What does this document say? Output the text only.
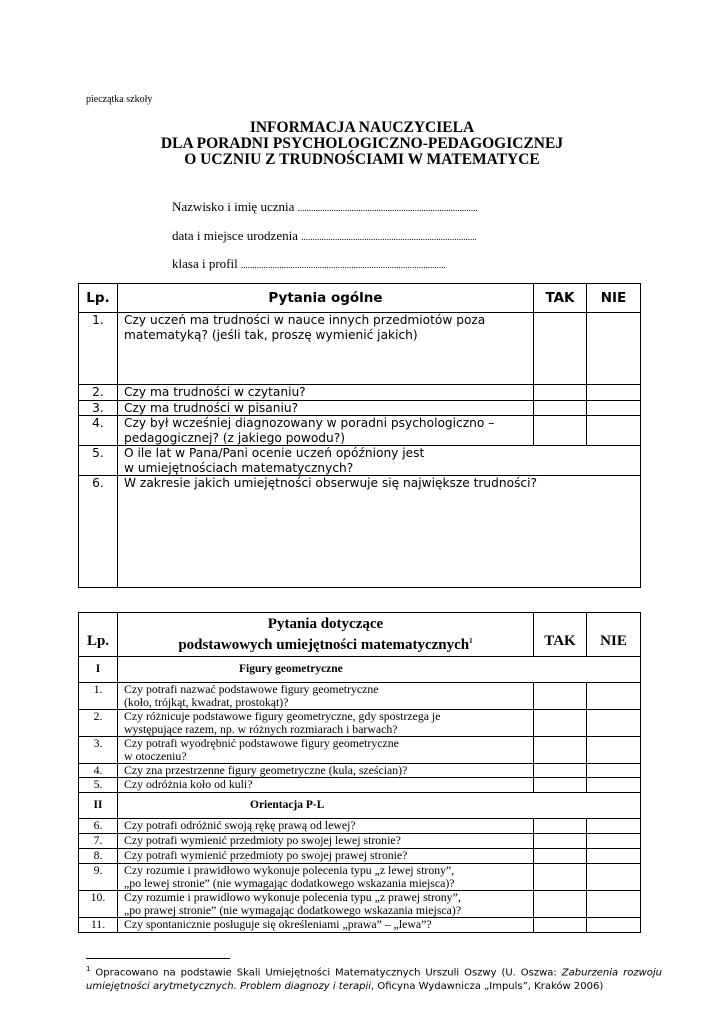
pieczątka szkoły
INFORMACJA NAUCZYCIELA
DLA PORADNI PSYCHOLOGICZNO-PEDAGOGICZNEJ
O UCZNIU Z TRUDNOŚCIAMI W MATEMATYCE
Nazwisko i imię ucznia ................................................................................
data i miejsce urodzenia ..............................................................................
klasa i profil ...........................................................................................
Lp.	Pytania ogólne	TAK	NIE
1.	Czy uczeń ma trudności w nauce innych przedmiotów poza
matematyką? (jeśli tak, proszę wymienić jakich)		

2.	Czy ma trudności w czytaniu?		

3.	Czy ma trudności w pisaniu?		

4.	Czy był wcześniej diagnozowany w poradni psychologiczno –
pedagogicznej? (z jakiego powodu?)		

5.	O ile lat w Pana/Pani ocenie uczeń opóźniony jest
w umiejętnościach matematycznych?		

6.	W zakresie jakich umiejętności obserwuje się największe trudności?		
Lp.	Pytania dotyczące
podstawowych umiejętności matematycznych$^1$	TAK	NIE
I	Figury geometryczne		
1.	Czy potrafi nazwać podstawowe figury geometryczne
(koło, trójkąt, kwadrat, prostokąt)?		

2.	Czy różnicuje podstawowe figury geometryczne, gdy spostrzega je
występujące razem, np. w różnych rozmiarach i barwach?		

3.	Czy potrafi wyodrębnić podstawowe figury geometryczne
w otoczeniu?		

4.	Czy zna przestrzenne figury geometryczne (kula, sześcian)?		

5.	Czy odróżnia koło od kuli?		

II	Orientacja P-L		
6.	Czy potrafi odróżnić swoją rękę prawą od lewej?		

7.	Czy potrafi wymienić przedmioty po swojej lewej stronie?		

8.	Czy potrafi wymienić przedmioty po swojej prawej stronie?		

9.	Czy rozumie i prawidłowo wykonuje polecenia typu „z lewej strony”,
„po lewej stronie” (nie wymagając dodatkowego wskazania miejsca)?		

10.	Czy rozumie i prawidłowo wykonuje polecenia typu „z prawej strony”,
„po prawej stronie” (nie wymagając dodatkowego wskazania miejsca)?		

11.	Czy spontanicznie posługuje się określeniami „prawa” – „lewa”?		

$^1$ Opracowano na podstawie Skali Umiejętności Matematycznych Urszuli Oszwy (U. Oszwa: Zaburzenia rozwoju umiejętności arytmetycznych. Problem diagnozy i terapii, Oficyna Wydawnicza „Impuls”, Kraków 2006)
